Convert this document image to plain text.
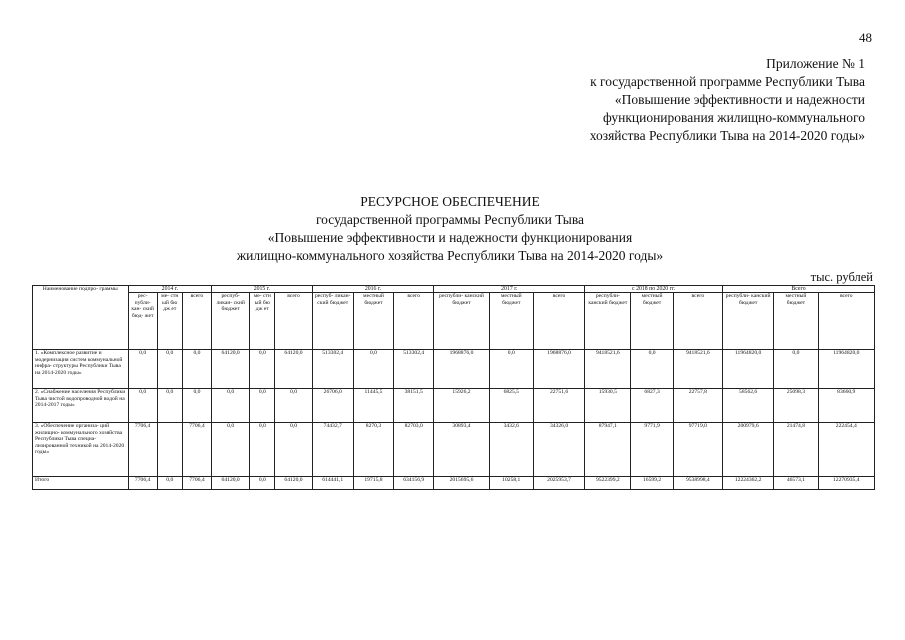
48
Приложение № 1
к государственной программе Республики Тыва
«Повышение эффективности и надежности
функционирования жилищно-коммунального
хозяйства Республики Тыва на 2014-2020 годы»
РЕСУРСНОЕ ОБЕСПЕЧЕНИЕ
государственной программы Республики Тыва
«Повышение эффективности и надежности функционирования
жилищно-коммунального хозяйства Республики Тыва на 2014-2020 годы»
тыс. рублей
Наименование подпро- граммы	2014 г.			2015 г.			2016 г.			2017 г.			с 2018 по 2020 гг.			Всего		
	рес- публи- кан- ский бюд- жет	ме- стн ый бю дж ет	всего	респуб- ликан- ский бюджет	ме- стн ый бю дж ет	всего	респуб- ликан- ский бюджет	местный бюджет	всего	республи- канский бюджет	местный бюджет	всего	республи- канский бюджет	местный бюджет	всего	республи- канский бюджет	местный бюджет	всего
1. «Комплексное развитие и модернизация систем коммунальной инфра- структуры Республики Тыва на 2014-2020 годы»	0,0	0,0	0,0	64120,0	0,0	64120,0	513302,4	0,0	513302,4	1968876,0	0,0	1968876,0	9418521,6	0,0	9418521,6	11964820,0	0,0	11964820,0
2. «Снабжение населения Республики Тыва чистой водопроводной водой на 2014-2017 годы»	0,0	0,0	0,0	0,0	0,0	0,0	26706,0	11445,5	38151,5	15926,2	6825,5	22751,6	15930,5	6827,3	22757,8	58562,6	25098,3	83660,9
3. «Обеспечение организа- ций жилищно- коммунального хозяйства Республики Тыва специа- лизированной техникой на 2014-2020 годы»	7706,4		7706,4	0,0	0,0	0,0	74432,7	8270,3	82703,0	30893,4	3432,6	34326,0	87947,1	9771,9	97719,0	200979,6	21474,8	222454,4
Итого	7706,4	0,0	7706,4	64120,0	0,0	64120,0	614441,1	19715,8	634156,9	2015695,6	10258,1	2025953,7	9522399,2	16599,2	9538998,4	12224362,2	46573,1	12270935,4
